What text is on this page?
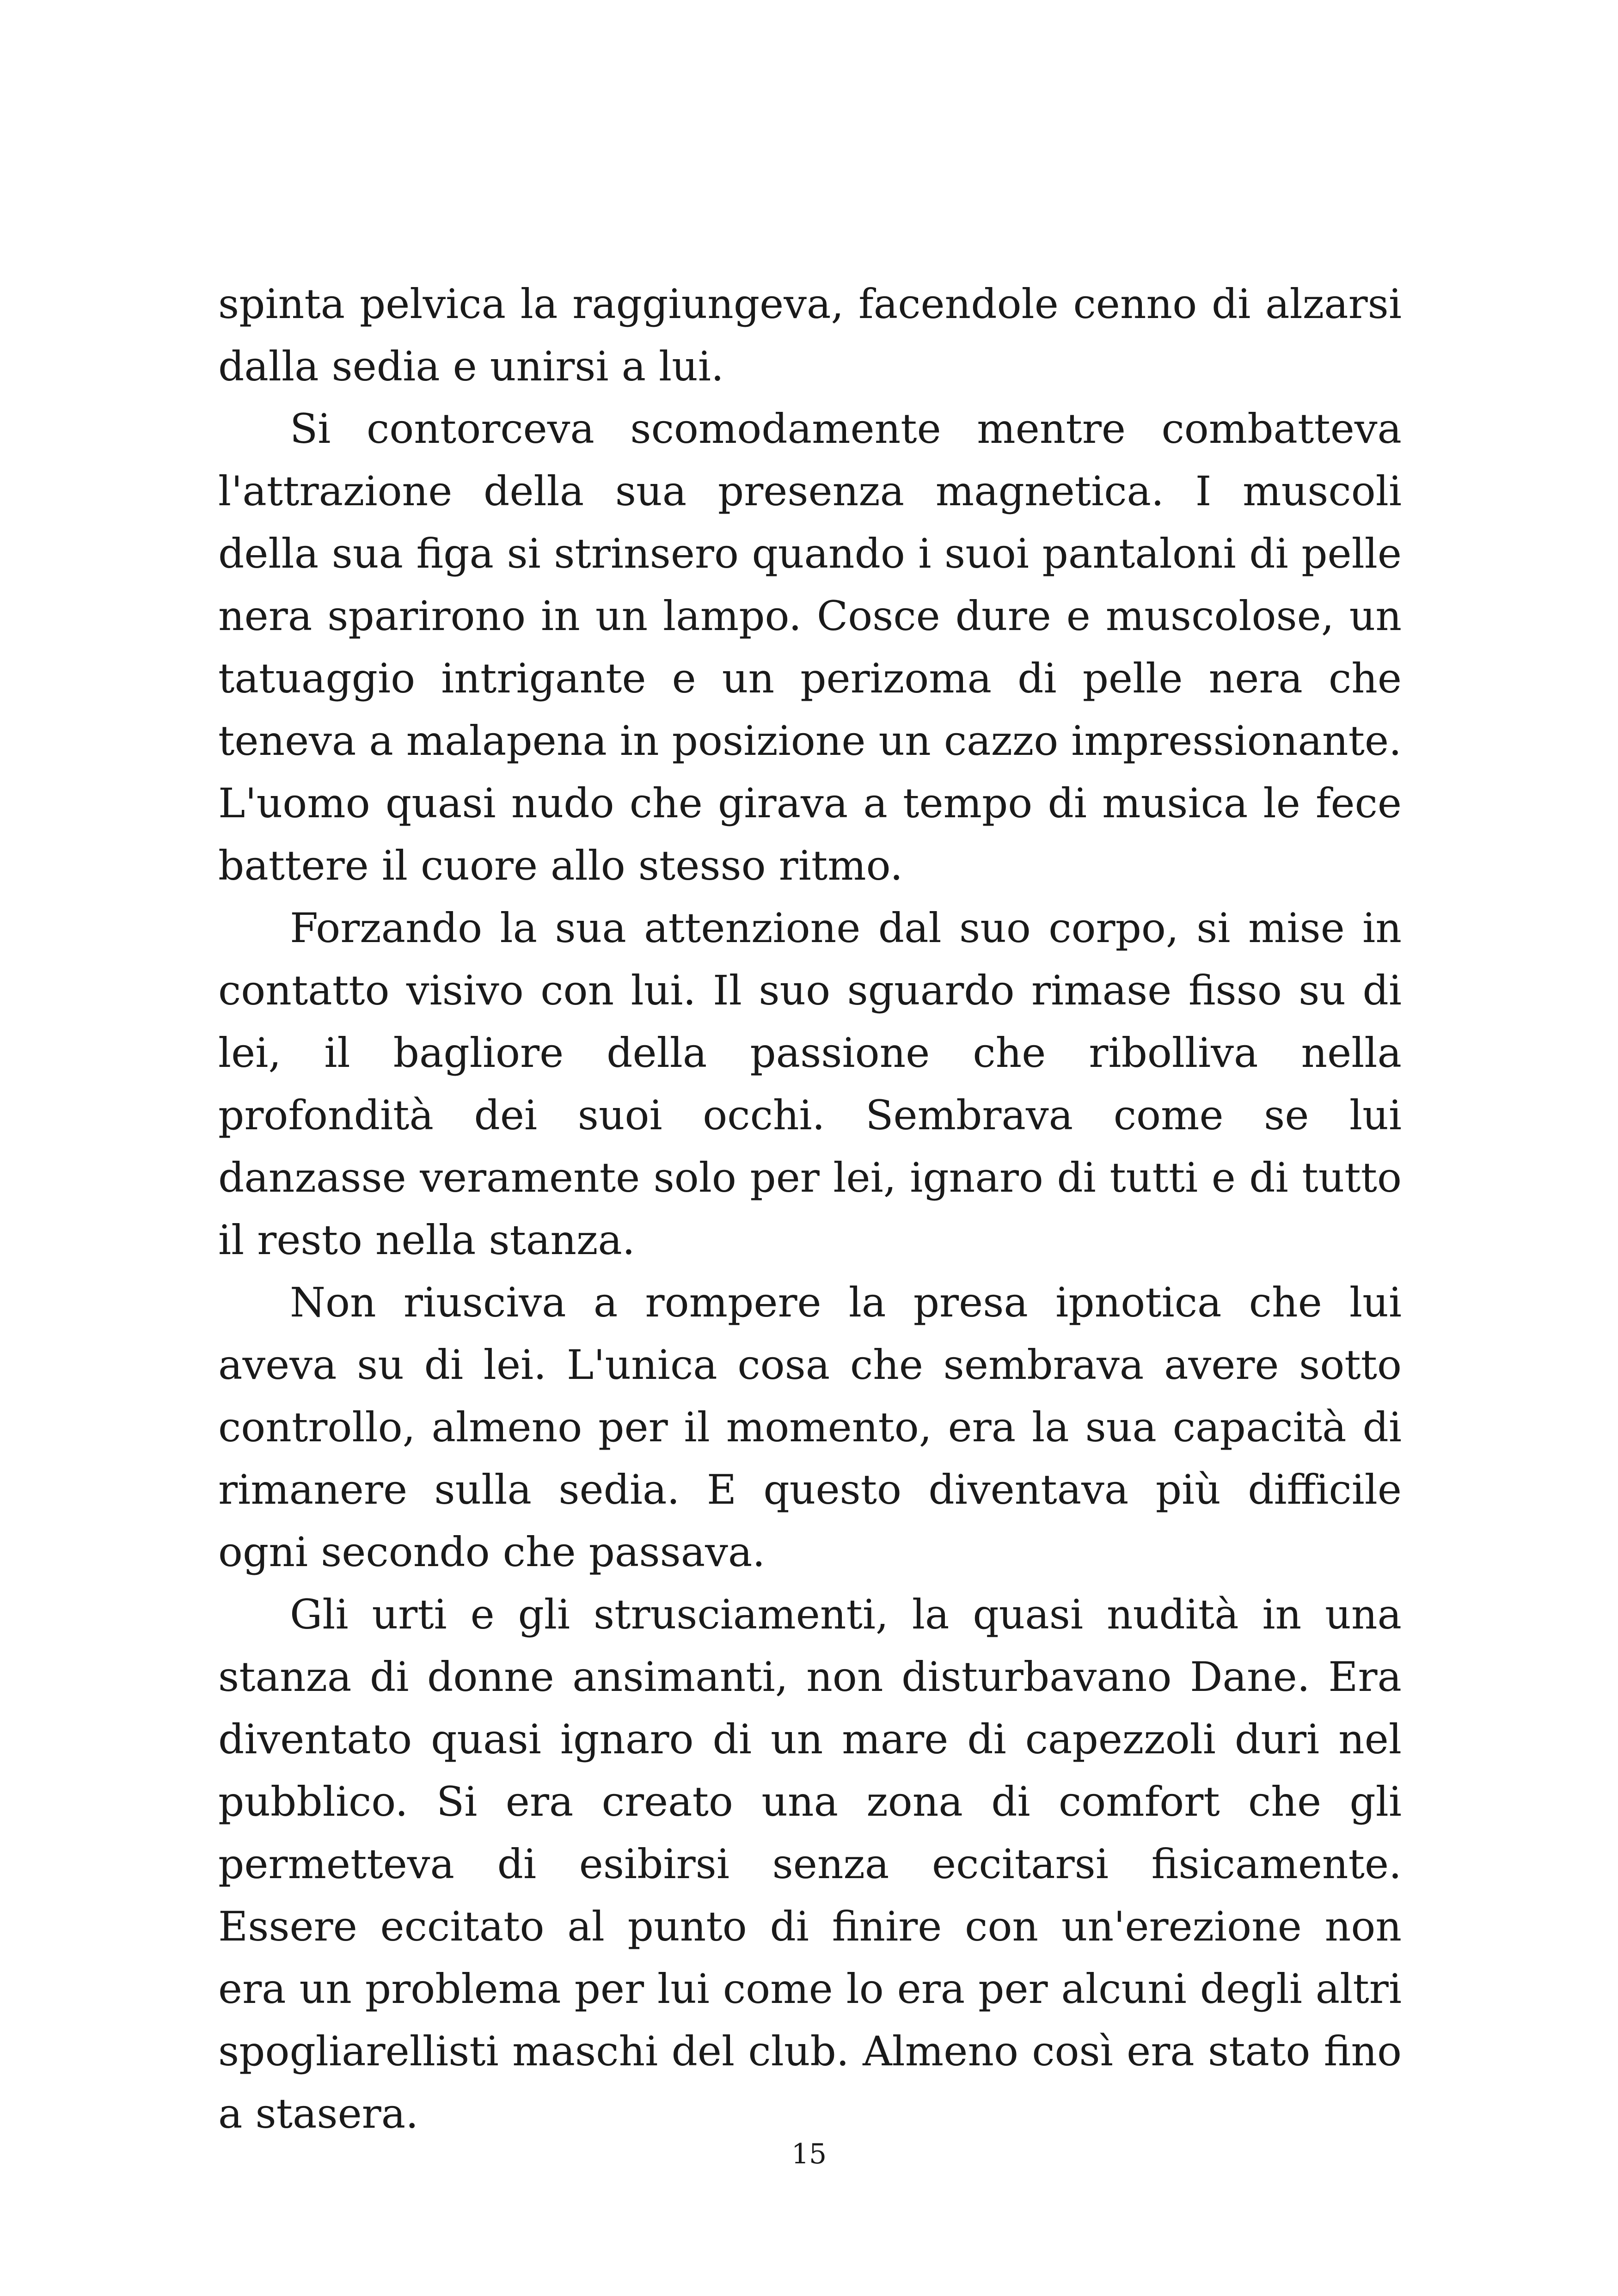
spinta pelvica la raggiungeva, facendole cenno di alzarsi dalla sedia e unirsi a lui.

Si contorceva scomodamente mentre combatteva l'attrazione della sua presenza magnetica. I muscoli della sua figa si strinsero quando i suoi pantaloni di pelle nera sparirono in un lampo. Cosce dure e muscolose, un tatuaggio intrigante e un perizoma di pelle nera che teneva a malapena in posizione un cazzo impressionante. L'uomo quasi nudo che girava a tempo di musica le fece battere il cuore allo stesso ritmo.

Forzando la sua attenzione dal suo corpo, si mise in contatto visivo con lui. Il suo sguardo rimase fisso su di lei, il bagliore della passione che ribolliva nella profondità dei suoi occhi. Sembrava come se lui danzasse veramente solo per lei, ignaro di tutti e di tutto il resto nella stanza.

Non riusciva a rompere la presa ipnotica che lui aveva su di lei. L'unica cosa che sembrava avere sotto controllo, almeno per il momento, era la sua capacità di rimanere sulla sedia. E questo diventava più difficile ogni secondo che passava.

Gli urti e gli strusciamenti, la quasi nudità in una stanza di donne ansimanti, non disturbavano Dane. Era diventato quasi ignaro di un mare di capezzoli duri nel pubblico. Si era creato una zona di comfort che gli permetteva di esibirsi senza eccitarsi fisicamente. Essere eccitato al punto di finire con un'erezione non era un problema per lui come lo era per alcuni degli altri spogliarellisti maschi del club. Almeno così era stato fino a stasera.

15
